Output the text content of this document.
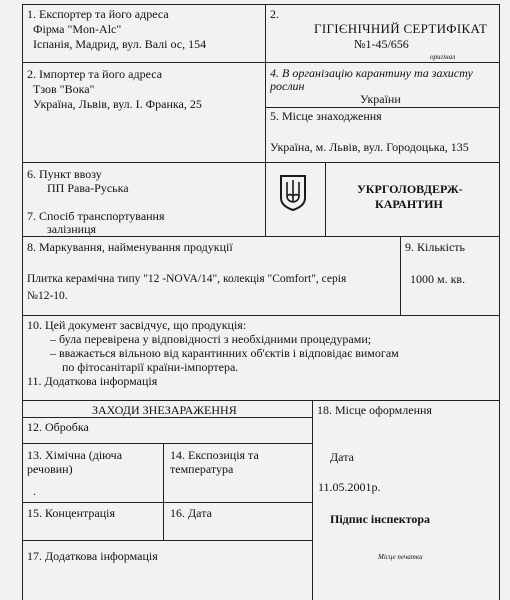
1. Експортер та його адреса
Фірма "Mon-Alc"
Іспанія, Мадрид, вул. Валі ос, 154
2.
ГІГІЄНІЧНИЙ СЕРТИФІКАТ
№1-45/656
оригінал
2. Імпортер та його адреса
Тзов "Вока"
Україна, Львів, вул. І. Франка, 25
4. В організацію карантину та захисту
рослин
України
5. Місце знаходження
Україна, м. Львів, вул. Городоцька, 135
6. Пункт ввозу
ПП Рава-Руська
7. Спосіб транспортування
залізниця
УКРГОЛОВДЕРЖ-
КАРАНТИН
8. Маркування, найменування продукції
Плитка керамічна типу "12 -NOVA/14", колекція "Comfort", серія
№12-10.
9. Кількість
1000 м. кв.
10. Цей документ засвідчує, що продукція:
– була перевірена у відповідності з необхідними процедурами;
– вважається вільною від карантинних об'єктів і відповідає вимогам
по фітосанітарії країни-імпортера.
11. Додаткова інформація
ЗАХОДИ ЗНЕЗАРАЖЕННЯ
12. Обробка
13. Хімічна (діюча
речовин)
.
14. Експозиція та
температура
15. Концентрація	16. Дата
17. Додаткова інформація
18. Місце оформлення
Дата
11.05.2001р.
Підпис інспектора
Місце печатки
